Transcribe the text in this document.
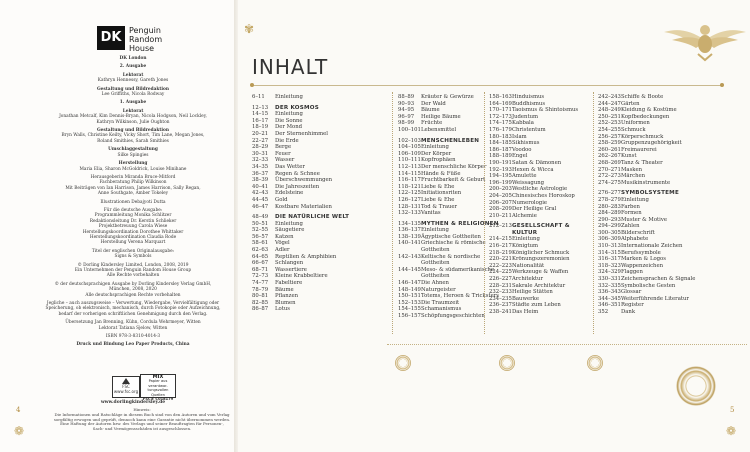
DK Penguin
Random
House
DK London
2. Ausgabe
Lektorat
Kathryn Hennessy, Gareth Jones
Gestaltung und Bildredaktion
Lee Griffiths, Nicola Rodway
1. Ausgabe
Lektorat
Jonathan Metcalf, Kim Dennis-Bryan, Nicola Hodgson, Neil Lockley,
Kathryn Wilkinson, Julie Oughton
Gestaltung und Bildredaktion
Bryn Walls, Christine Keilty, Vicky Short, Tim Lane, Megan Jones,
Roland Smithies, Sarah Smithies
Umschlaggestaltung
Silke Spingies
Herstellung
Maria Elia, Sharon McGoldrick, Louise Minihane
Herausgeberin Miranda Bruce-Mitford
Fachberatung Philip Wilkinson
Mit Beiträgen von Ian Harrison, James Harrison, Sally Regan,
Anne Southgate, Amber Tokeley
Illustrationen Debajyoti Dutta
Für die deutsche Ausgabe:
Programmleitung Monika Schlitzer
Redaktionsleitung Dr. Kerstin Schlieker
Projektbetreuung Carola Wiese
Herstellungskoordination Dorothee Whittaker
Herstellungskoordination Claudia Rode
Herstellung Verena Marquart
Titel der englischen Originalausgabe:
Signs & Symbols
© Dorling Kindersley Limited, London, 2008, 2019
Ein Unternehmen der Penguin Random House Group
Alle Rechte vorbehalten
© der deutschsprachigen Ausgabe by Dorling Kindersley Verlag GmbH,
München, 2008, 2020
Alle deutschsprachigen Rechte vorbehalten
Jegliche – auch auszugsweise – Verwertung, Wiedergabe, Vervielfältigung oder
Speicherung, ob elektronisch, mechanisch, durch Fotokopie oder Aufzeichnung,
bedarf der vorherigen schriftlichen Genehmigung durch den Verlag.
Übersetzung Jan Brenning, Kühn, Cordula Wehrmeyer, Witten
Lektorat Tatiana Sjelow, Witten
ISBN 978-3-8310-4014-3
Druck und Bindung Leo Paper Products, China
FSC
www.fsc.org
MIX
Papier aus verantwor-
tungsvollen Quellen
FSC® C018179
www.dorlingkindersley.de
Hinweis:
Die Informationen und Ratschläge in diesem Buch sind von den Autoren und vom Verlag
sorgfältig erwogen und geprüft, dennoch kann eine Garantie nicht übernommen werden.
Eine Haftung der Autoren bzw. des Verlags und seiner Beauftragten für Personen-,
Sach- und Vermögensschäden ist ausgeschlossen.
4
❁
✾
INHALT
6–11	Einleitung

12–13	DER KOSMOS
14–15	Einleitung
16–17	Die Sonne
18–19	Der Mond
20–21	Der Sternenhimmel
22–27	Die Erde
28–29	Berge
30–31	Feuer
32–33	Wasser
34–35	Das Wetter
36–37	Regen & Schnee
38–39	Überschwemmungen
40–41	Die Jahreszeiten
42–43	Edelsteine
44–45	Gold
46–47	Kostbare Materialien

48–49	DIE NATÜRLICHE WELT
50–51	Einleitung
52–55	Säugetiere
56–57	Katzen
58–61	Vögel
62–63	Adler
64–65	Reptilien & Amphibien
66–67	Schlangen
68–71	Wassertiere
72–73	Kleine Krabbeltiere
74–77	Fabeltiere
78–79	Bäume
80–81	Pflanzen
82–85	Blumen
86–87	Lotus
88–89	Kräuter & Gewürze
90–93	Der Wald
94–95	Bäume
96–97	Heilige Bäume
98–99	Früchte
100–101 Lebensmittel

102–103 MENSCHENLEBEN
104–105 Einleitung
106–109 Der Körper
110–111 Kopfrophäen
112–113 Der menschliche Körper
114–115 Hände & Füße
116–117 Fruchtbarkeit & Geburt
118–121 Liebe & Ehe
122–125 Initiationsriten
126–127 Liebe & Ehe
128–131 Tod & Trauer
132–133 Vanitas

134–135 MYTHEN & RELIGIONEN
136–137 Einleitung
138–139 Ägyptische Gottheiten
140–141 Griechische & römische
Gottheiten
142–143 Keltische & nordische
Gottheiten
144–145 Meso- & südamerikanische
Gottheiten
146–147 Die Ahnen
148–149 Naturgeister
150–151 Totems, Heroen & Tricksters
152–153 Die Traumzeit
154–155 Schamanismus
156–157 Schöpfungsgeschichten
158–163 Hinduismus
164–169 Buddhismus
170–171 Taoismus & Shintoismus
172–173 Judentum
174–175 Kabbala
176–179 Christentum
180–183 Islam
184–185 Sikhismus
186–187 Voodoo
188–189 Engel
190–191 Satan & Dämonen
192–193 Hexen & Wicca
194–195 Amulette
196–199 Weissagung
200–203 Westliche Astrologie
204–205 Chinesisches Horoskop
206–207 Numerologie
208–209 Der Heilige Gral
210–211 Alchemie

212–213 GESELLSCHAFT &
KULTUR
214–215 Einleitung
216–217 Königtum
218–219 Königlicher Schmuck
220–221 Krönungszeremonien
222–223 Nationalität
224–225 Werkzeuge & Waffen
226–227 Architektur
228–231 Sakrale Architektur
232–233 Heilige Stätten
234–235 Bauwerke
236–237 Städte zum Leben
238–241 Das Heim
242–243 Schiffe & Boote
244–247 Gärten
248–249 Kleidung & Kostüme
250–251 Kopfbedeckungen
252–253 Uniformen
254–255 Schmuck
256–257 Körperschmuck
258–259 Gruppenzugehörigkeit
260–261 Freimaurerei
262–267 Kunst
268–269 Tanz & Theater
270–271 Masken
272–273 Märchen
274–275 Musikinstrumente

276–277 SYMBOLSYSTEME
278–279 Einleitung
280–283 Farben
284–289 Formen
290–293 Muster & Motive
294–299 Zahlen
300–305 Bilderschrift
306–309 Alphabete
310–313 Internationale Zeichen
314–315 Berufssymbole
316–317 Marken & Logos
318–323 Wappenzeichen
324–329 Flaggen
330–331 Zeichensprachen & Signale
332–335 Symbolische Gesten
336–343 Glossar
344–345 Weiterführende Literatur
346–351 Register
352	Dank
5
❁
